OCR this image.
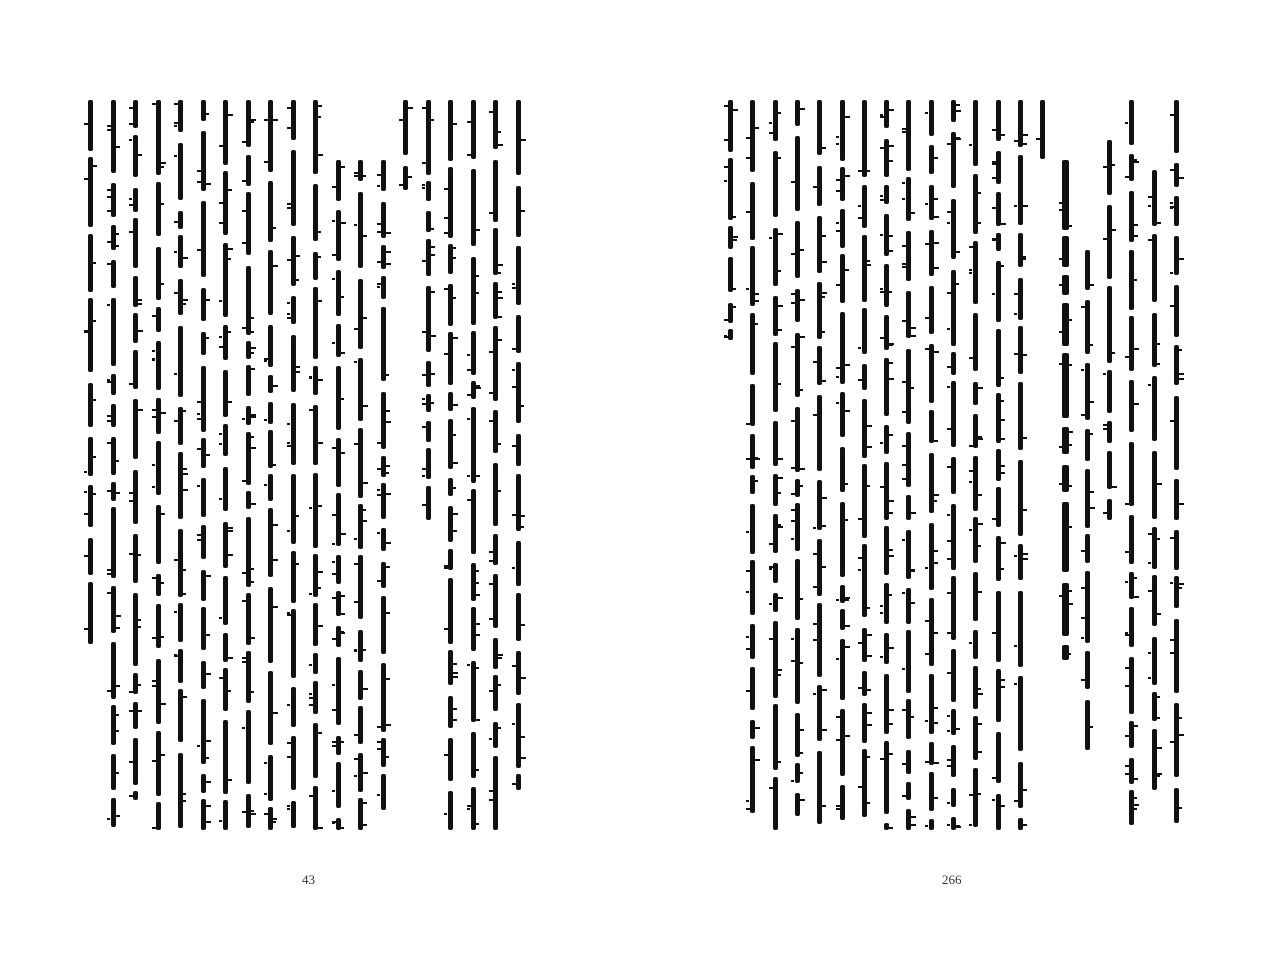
43	266
